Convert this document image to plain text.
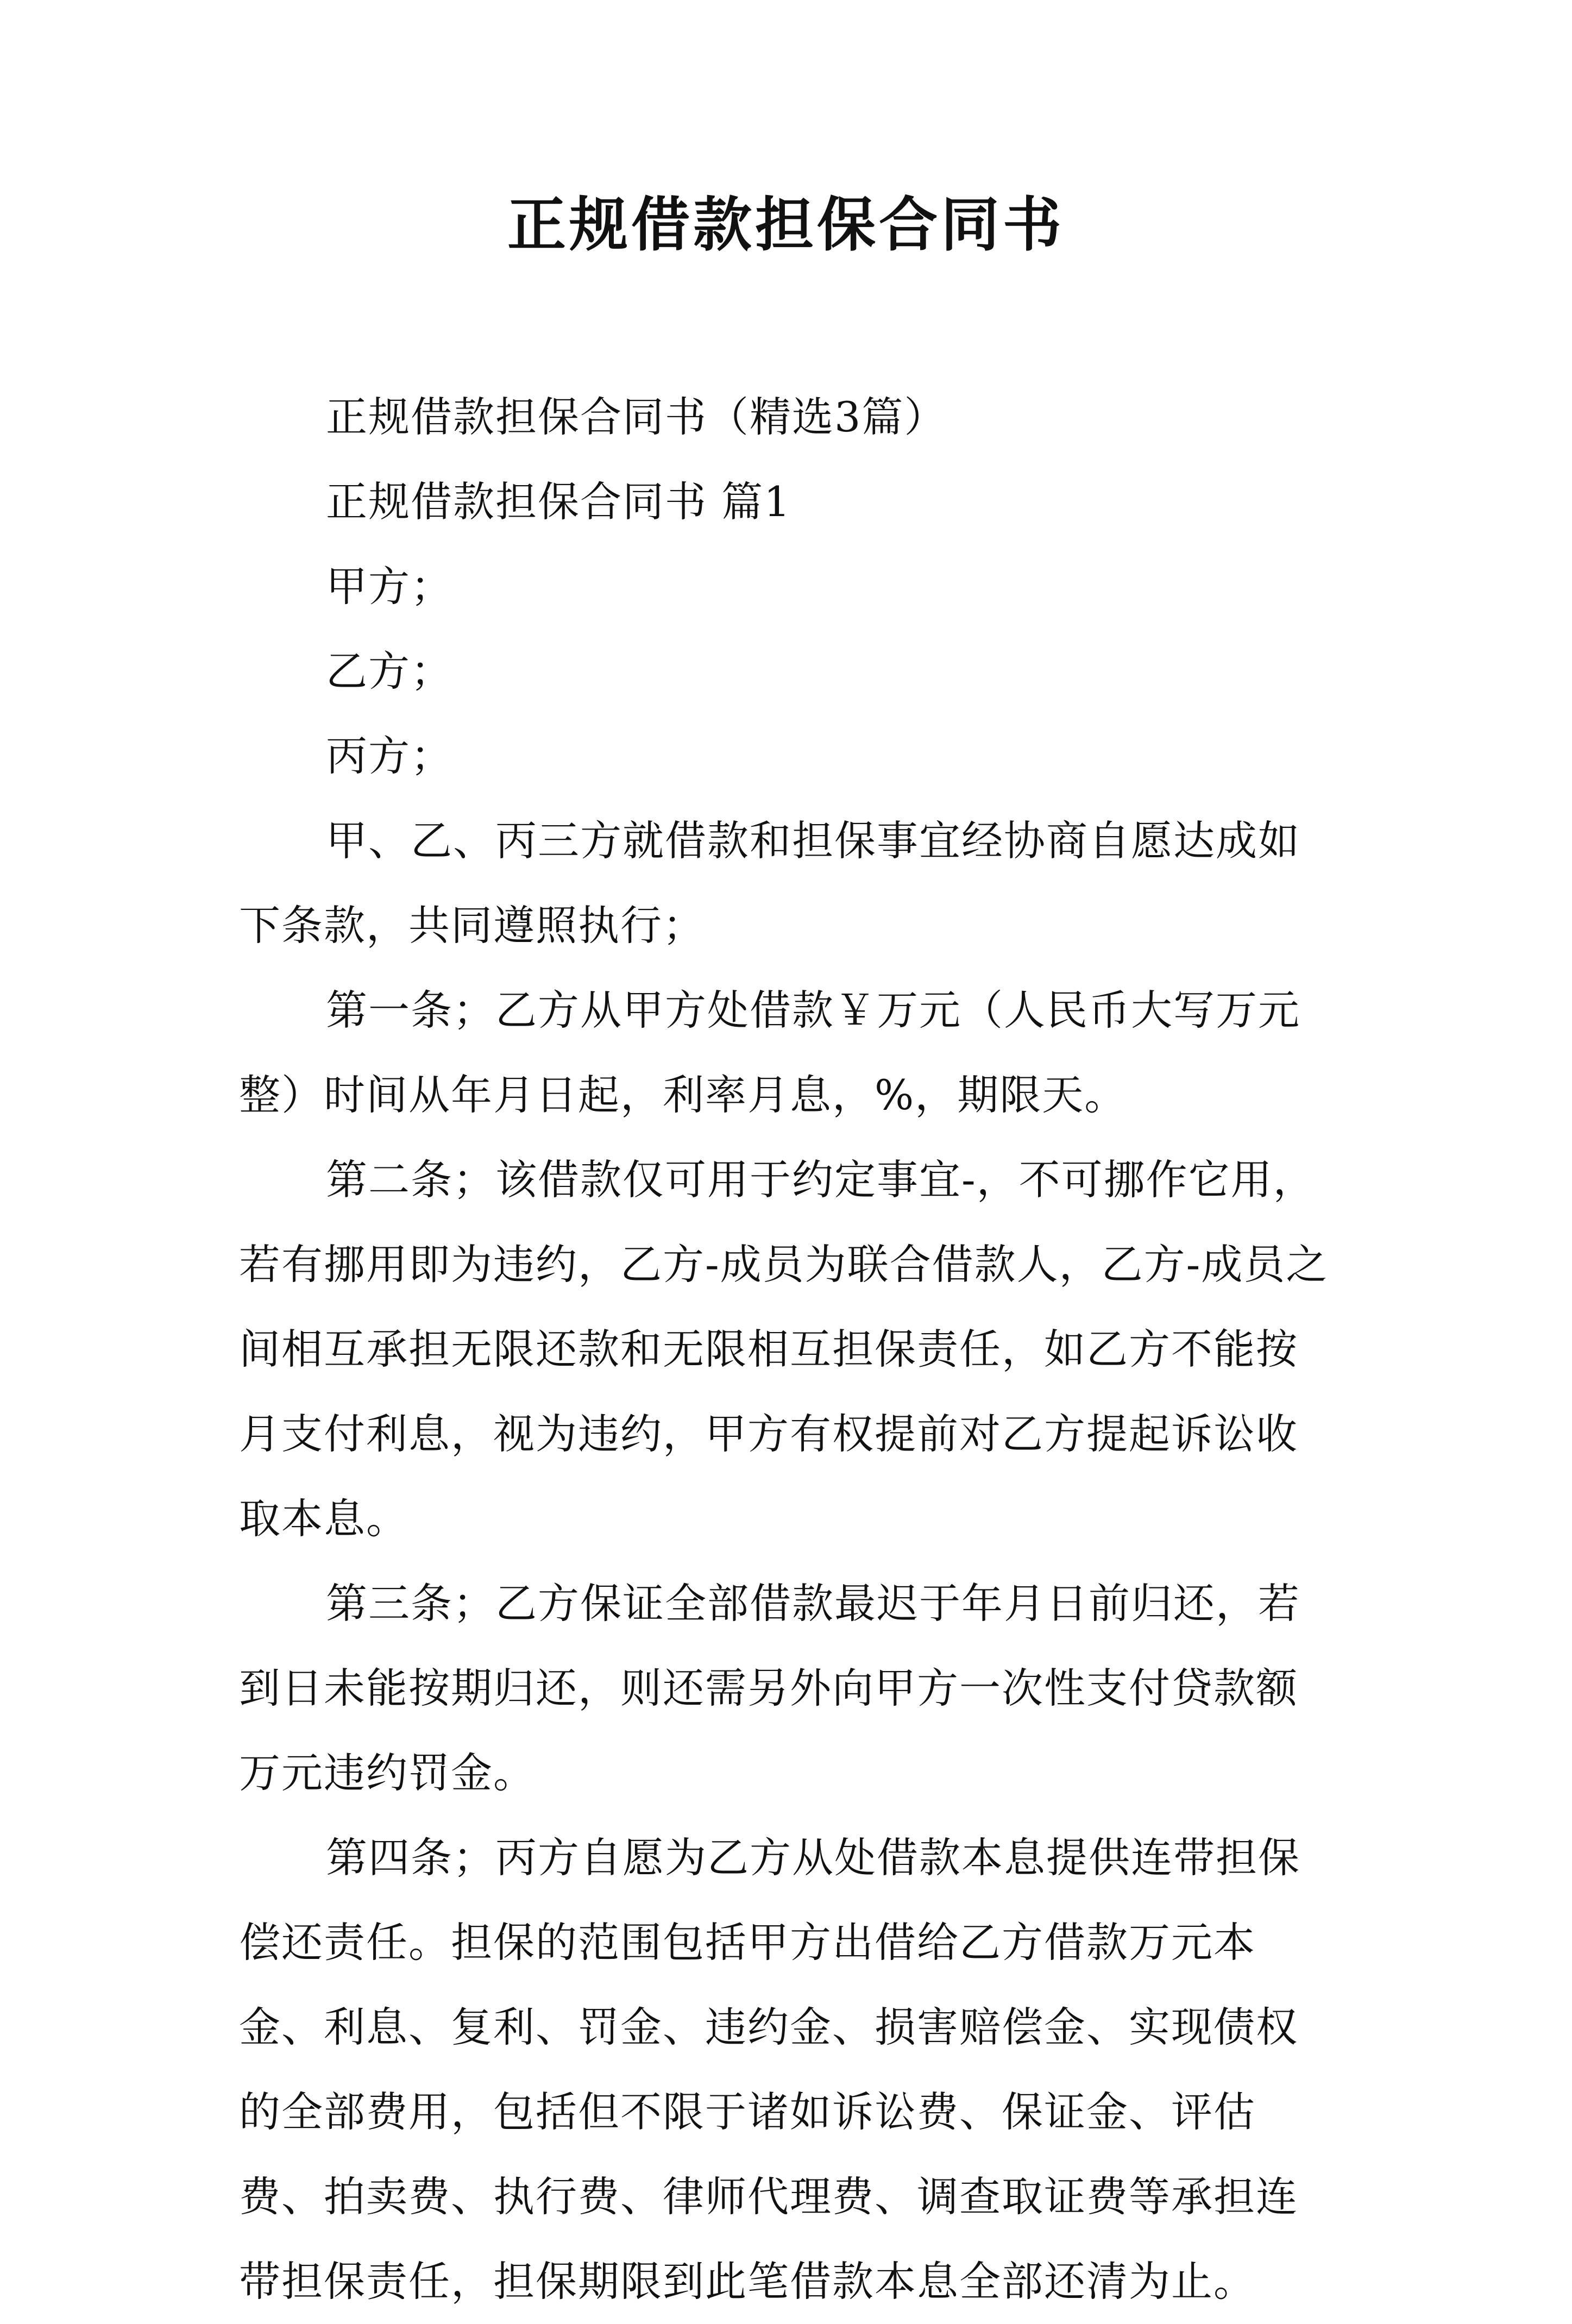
正规借款担保合同书

正规借款担保合同书（精选3篇）

正规借款担保合同书 篇1

甲方；

乙方；

丙方；

甲、乙、丙三方就借款和担保事宜经协商自愿达成如下条款，共同遵照执行；

第一条；乙方从甲方处借款￥万元（人民币大写万元整）时间从年月日起，利率月息，%，期限天。

第二条；该借款仅可用于约定事宜-，不可挪作它用，若有挪用即为违约，乙方-成员为联合借款人，乙方-成员之间相互承担无限还款和无限相互担保责任，如乙方不能按月支付利息，视为违约，甲方有权提前对乙方提起诉讼收取本息。

第三条；乙方保证全部借款最迟于年月日前归还，若到日未能按期归还，则还需另外向甲方一次性支付贷款额万元违约罚金。

第四条；丙方自愿为乙方从处借款本息提供连带担保偿还责任。担保的范围包括甲方出借给乙方借款万元本金、利息、复利、罚金、违约金、损害赔偿金、实现债权的全部费用，包括但不限于诸如诉讼费、保证金、评估费、拍卖费、执行费、律师代理费、调查取证费等承担连带担保责任，担保期限到此笔借款本息全部还清为止。
